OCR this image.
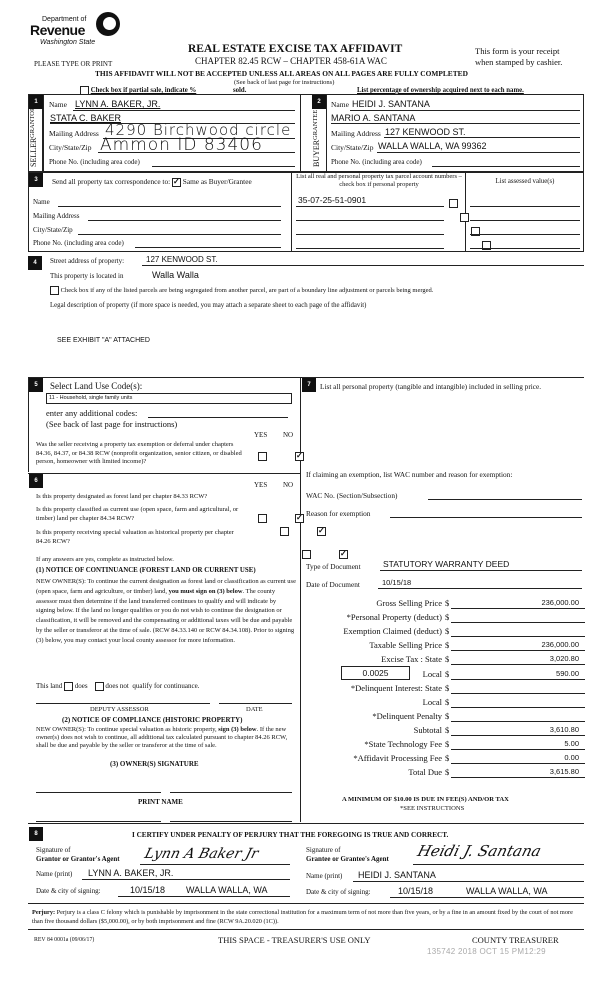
Department of
Revenue
Washington State
REAL ESTATE EXCISE TAX AFFIDAVIT
CHAPTER 82.45 RCW – CHAPTER 458-61A WAC
This form is your receipt
when stamped by cashier.
PLEASE TYPE OR PRINT
THIS AFFIDAVIT WILL NOT BE ACCEPTED UNLESS ALL AREAS ON ALL PAGES ARE FULLY COMPLETED
(See back of last page for instructions)
Check box if partial sale, indicate %	sold.	List percentage of ownership acquired next to each name.
1
SELLER
GRANTOR
Name LYNN A. BAKER, JR.
STATA C. BAKER
Mailing Address 4290 Birchwood circle
City/State/Zip Ammon ID 83406
Phone No. (including area code)
2
BUYER
GRANTEE
Name HEIDI J. SANTANA
MARIO A. SANTANA
Mailing Address 127 KENWOOD ST.
City/State/Zip WALLA WALLA, WA 99362
Phone No. (including area code)
3	Send all property tax correspondence to: ✓ Same as Buyer/Grantee
Name
Mailing Address
City/State/Zip
Phone No. (including area code)
List all real and personal property tax parcel account numbers – check box if personal property	List assessed value(s)
35-07-25-51-0901

4	Street address of property:	127 KENWOOD ST.
This property is located in	Walla Walla
Check box if any of the listed parcels are being segregated from another parcel, are part of a boundary line adjustment or parcels being merged.
Legal description of property (if more space is needed, you may attach a separate sheet to each page of the affidavit)
SEE EXHIBIT "A" ATTACHED
5	Select Land Use Code(s):
11 - Household, single family units
enter any additional codes:
(See back of last page for instructions)
YES NO
Was the seller receiving a property tax exemption or deferral under chapters 84.36, 84.37, or 84.38 RCW (nonprofit organization, senior citizen, or disabled person, homeowner with limited income)?
✓
6	YES NO
Is this property designated as forest land per chapter 84.33 RCW?
✓
Is this property classified as current use (open space, farm and agricultural, or timber) land per chapter 84.34 RCW?
✓
Is this property receiving special valuation as historical property per chapter 84.26 RCW?
✓
If any answers are yes, complete as instructed below.
(1) NOTICE OF CONTINUANCE (FOREST LAND OR CURRENT USE)
NEW OWNER(S): To continue the current designation as forest land or classification as current use (open space, farm and agriculture, or timber) land, you must sign on (3) below. The county assessor must then determine if the land transferred continues to qualify and will indicate by signing below. If the land no longer qualifies or you do not wish to continue the designation or classification, it will be removed and the compensating or additional taxes will be due and payable by the seller or transferor at the time of sale. (RCW 84.33.140 or RCW 84.34.108). Prior to signing (3) below, you may contact your local county assessor for more information.
This land does	does not qualify for continuance.
DEPUTY ASSESSOR	DATE
(2) NOTICE OF COMPLIANCE (HISTORIC PROPERTY)
NEW OWNER(S): To continue special valuation as historic property, sign (3) below. If the new owner(s) does not wish to continue, all additional tax calculated pursuant to chapter 84.26 RCW, shall be due and payable by the seller or transferor at the time of sale.
(3) OWNER(S) SIGNATURE
PRINT NAME
7	List all personal property (tangible and intangible) included in selling price.
If claiming an exemption, list WAC number and reason for exemption:
WAC No. (Section/Subsection)
Reason for exemption
Type of Document	STATUTORY WARRANTY DEED
Date of Document	10/15/18
0.0025
Gross Selling Price $	236,000.00
*Personal Property (deduct) $
Exemption Claimed (deduct) $
Taxable Selling Price $	236,000.00
Excise Tax : State $	3,020.80
Local $	590.00
*Delinquent Interest: State $
Local $
*Delinquent Penalty $
Subtotal $	3,610.80
*State Technology Fee $	5.00
*Affidavit Processing Fee $	0.00
Total Due $	3,615.80
A MINIMUM OF $10.00 IS DUE IN FEE(S) AND/OR TAX
*SEE INSTRUCTIONS
8	I CERTIFY UNDER PENALTY OF PERJURY THAT THE FOREGOING IS TRUE AND CORRECT.
Signature of
Grantor or Grantor's Agent Lynn A Baker Jr
Name (print) LYNN A. BAKER, JR.
Date & city of signing:	10/15/18 WALLA WALLA, WA
Signature of
Grantee or Grantee's Agent Heidi J. Santana
Name (print) HEIDI J. SANTANA
Date & city of signing:	10/15/18	WALLA WALLA, WA
Perjury: Perjury is a class C felony which is punishable by imprisonment in the state correctional institution for a maximum term of not more than five years, or by a fine in an amount fixed by the court of not more than five thousand dollars ($5,000.00), or by both imprisonment and fine (RCW 9A.20.020 (1C)).
REV 84 0001a (09/06/17)	THIS SPACE - TREASURER'S USE ONLY	COUNTY TREASURER
135742 2018 OCT 15 PM12:29
